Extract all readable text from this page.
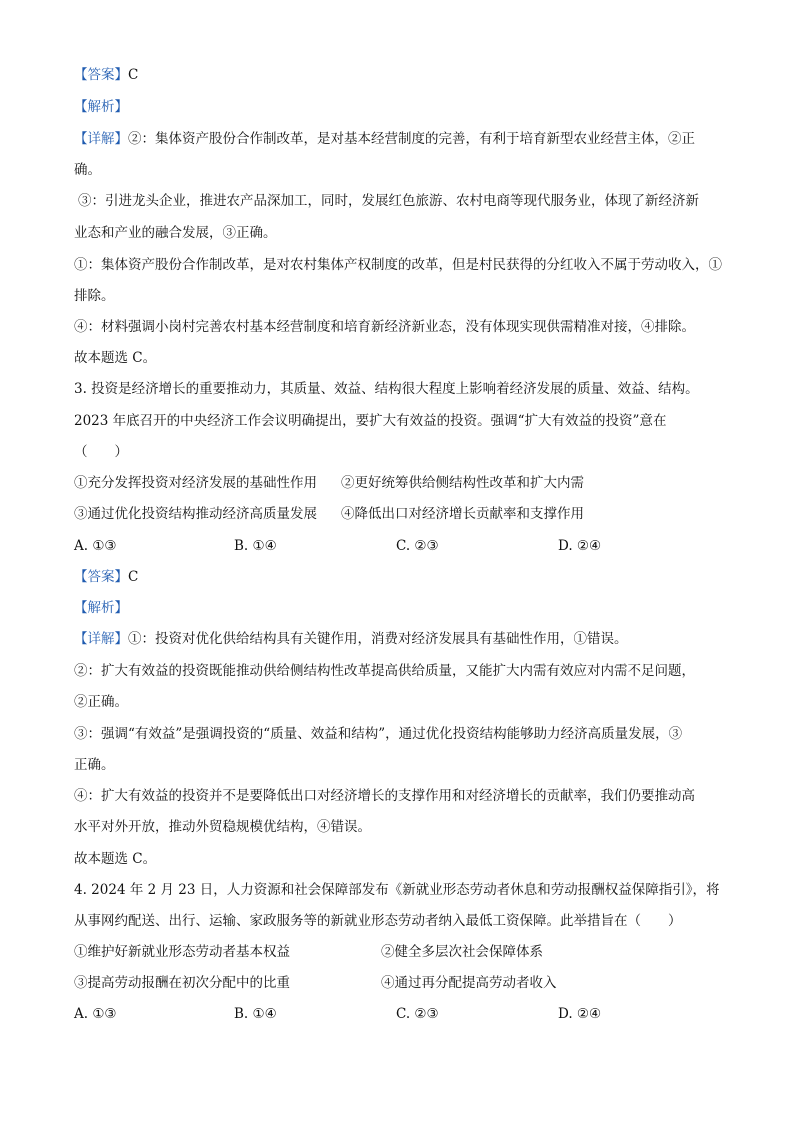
【答案】C
【解析】
【详解】②：集体资产股份合作制改革，是对基本经营制度的完善，有利于培育新型农业经营主体，②正
确。
③：引进龙头企业，推进农产品深加工，同时，发展红色旅游、农村电商等现代服务业，体现了新经济新
业态和产业的融合发展，③正确。
①：集体资产股份合作制改革，是对农村集体产权制度的改革，但是村民获得的分红收入不属于劳动收入，①
排除。
④：材料强调小岗村完善农村基本经营制度和培育新经济新业态，没有体现实现供需精准对接，④排除。
故本题选 C。
3. 投资是经济增长的重要推动力，其质量、效益、结构很大程度上影响着经济发展的质量、效益、结构。
2023 年底召开的中央经济工作会议明确提出，要扩大有效益的投资。强调“扩大有效益的投资”意在
（　　）
①充分发挥投资对经济发展的基础性作用 ②更好统筹供给侧结构性改革和扩大内需
③通过优化投资结构推动经济高质量发展 ④降低出口对经济增长贡献率和支撑作用
A. ①③	B. ①④	C. ②③	D. ②④
【答案】C
【解析】
【详解】①：投资对优化供给结构具有关键作用，消费对经济发展具有基础性作用，①错误。
②：扩大有效益的投资既能推动供给侧结构性改革提高供给质量，又能扩大内需有效应对内需不足问题，
②正确。
③：强调“有效益”是强调投资的“质量、效益和结构”，通过优化投资结构能够助力经济高质量发展，③
正确。
④：扩大有效益的投资并不是要降低出口对经济增长的支撑作用和对经济增长的贡献率，我们仍要推动高
水平对外开放，推动外贸稳规模优结构，④错误。
故本题选 C。
4. 2024 年 2 月 23 日，人力资源和社会保障部发布《新就业形态劳动者休息和劳动报酬权益保障指引》，将
从事网约配送、出行、运输、家政服务等的新就业形态劳动者纳入最低工资保障。此举措旨在（　　）
①维护好新就业形态劳动者基本权益	②健全多层次社会保障体系
③提高劳动报酬在初次分配中的比重	④通过再分配提高劳动者收入
A. ①③	B. ①④	C. ②③	D. ②④
